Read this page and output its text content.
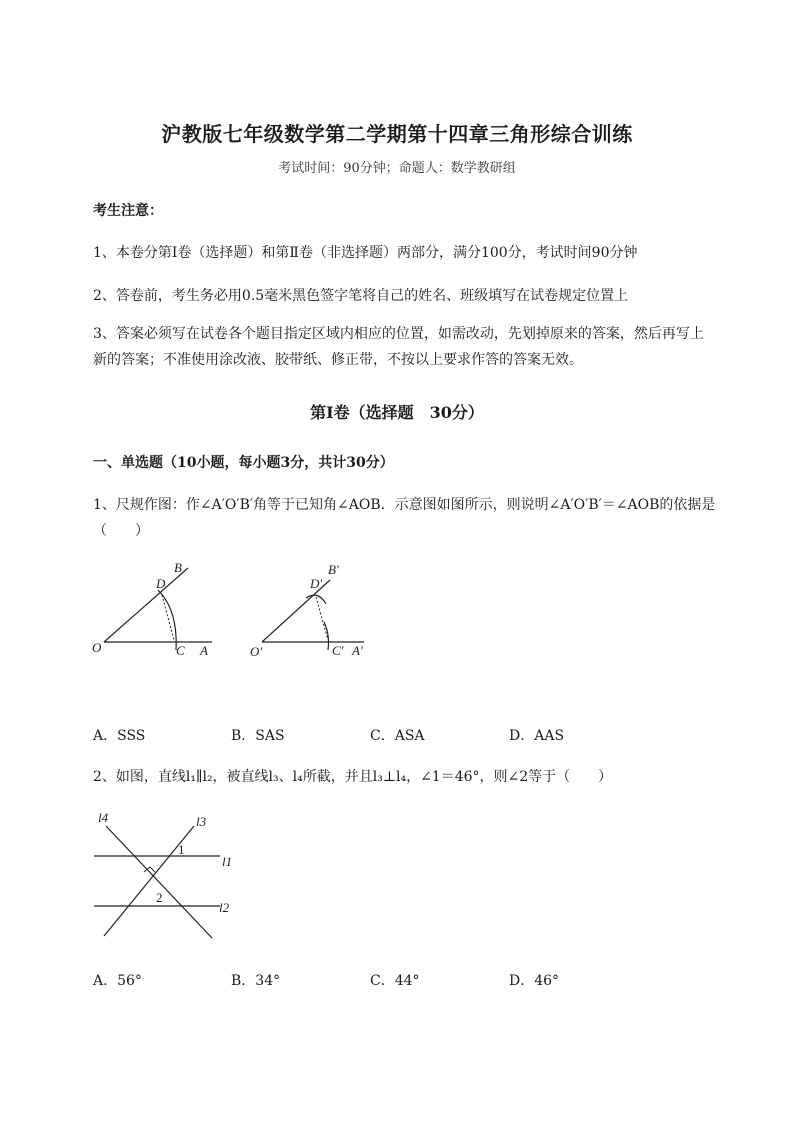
沪教版七年级数学第二学期第十四章三角形综合训练
考试时间：90分钟；命题人：数学教研组
考生注意：
1、本卷分第I卷（选择题）和第Ⅱ卷（非选择题）两部分，满分100分，考试时间90分钟
2、答卷前，考生务必用0.5毫米黑色签字笔将自己的姓名、班级填写在试卷规定位置上
3、答案必须写在试卷各个题目指定区域内相应的位置，如需改动，先划掉原来的答案，然后再写上新的答案；不准使用涂改液、胶带纸、修正带，不按以上要求作答的答案无效。
第I卷（选择题　30分）
一、单选题（10小题，每小题3分，共计30分）
1、尺规作图：作∠A′O′B′角等于已知角∠AOB．示意图如图所示，则说明∠A′O′B′＝∠AOB的依据是
（　　）
B
D
O	C A
B′
D′
O′	C′ A′
A．SSS	B．SAS	C．ASA	D．AAS
2、如图，直线l₁∥l₂，被直线l₃、l₄所截，并且l₃⊥l₄，∠1＝46°，则∠2等于（　　）
l4	l3
1
l1
2
l2
A．56°	B．34°	C．44°	D．46°
